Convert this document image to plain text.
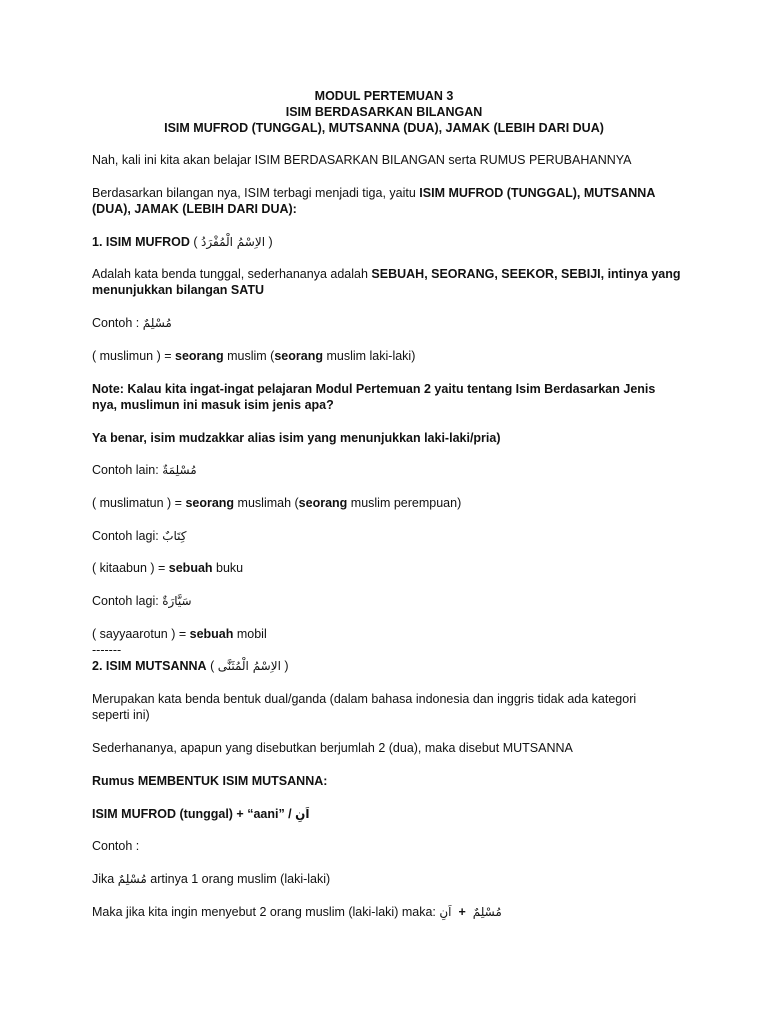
MODUL PERTEMUAN 3
ISIM BERDASARKAN BILANGAN
ISIM MUFROD (TUNGGAL), MUTSANNA (DUA), JAMAK (LEBIH DARI DUA)
Nah, kali ini kita akan belajar ISIM BERDASARKAN BILANGAN serta RUMUS PERUBAHANNYA
Berdasarkan bilangan nya, ISIM terbagi menjadi tiga, yaitu ISIM MUFROD (TUNGGAL), MUTSANNA
(DUA), JAMAK (LEBIH DARI DUA):
1. ISIM MUFROD ( الاِسْمُ الْمُفْرَدُ )
Adalah kata benda tunggal, sederhananya adalah SEBUAH, SEORANG, SEEKOR, SEBIJI, intinya yang
menunjukkan bilangan SATU
Contoh : مُسْلِمٌ
( muslimun ) = seorang muslim (seorang muslim laki-laki)
Note: Kalau kita ingat-ingat pelajaran Modul Pertemuan 2 yaitu tentang Isim Berdasarkan Jenis
nya, muslimun ini masuk isim jenis apa?
Ya benar, isim mudzakkar alias isim yang menunjukkan laki-laki/pria)
Contoh lain: مُسْلِمَةٌ
( muslimatun ) = seorang muslimah (seorang muslim perempuan)
Contoh lagi: كِتَابٌ
( kitaabun ) = sebuah buku
Contoh lagi: سَيَّارَةٌ
( sayyaarotun ) = sebuah mobil
-------
2. ISIM MUTSANNA ( الاِسْمُ الْمُثَنَّى )
Merupakan kata benda bentuk dual/ganda (dalam bahasa indonesia dan inggris tidak ada kategori
seperti ini)
Sederhananya, apapun yang disebutkan berjumlah 2 (dua), maka disebut MUTSANNA
Rumus MEMBENTUK ISIM MUTSANNA:
ISIM MUFROD (tunggal) + “aani” / اَنِ
Contoh :
Jika مُسْلِمٌ artinya 1 orang muslim (laki-laki)
Maka jika kita ingin menyebut 2 orang muslim (laki-laki) maka: اَنِ  +  مُسْلِمٌ
